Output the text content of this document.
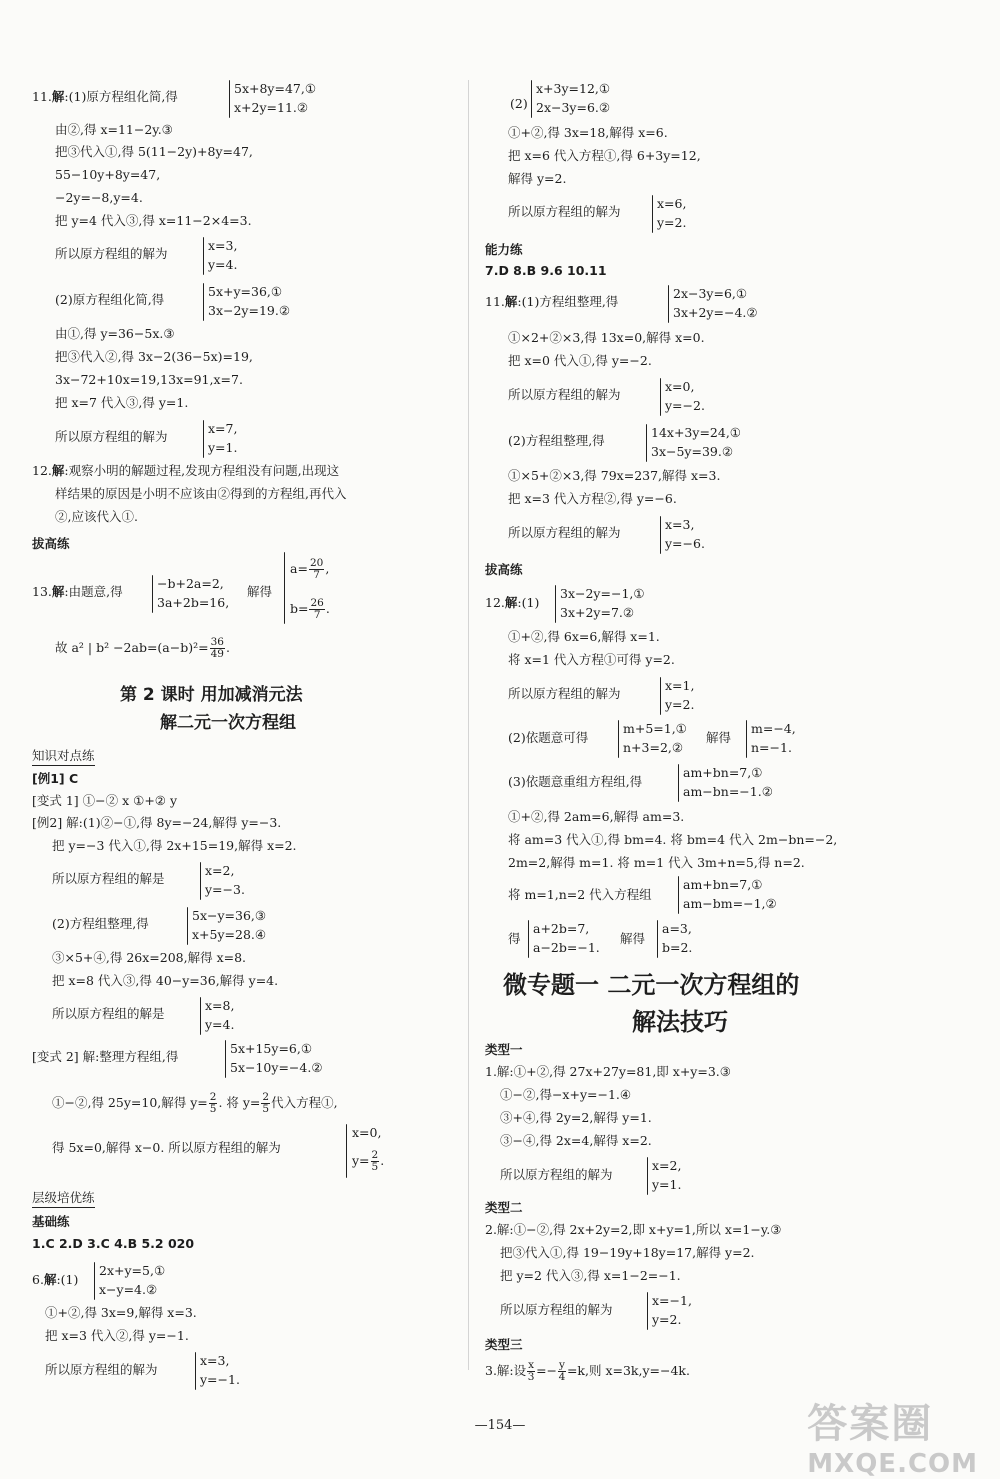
11.解:(1)原方程组化简,得
5x+8y=47,①
x+2y=11.②
由②,得 x=11−2y.③
把③代入①,得 5(11−2y)+8y=47,
55−10y+8y=47,
−2y=−8,y=4.
把 y=4 代入③,得 x=11−2×4=3.
所以原方程组的解为
x=3,
y=4.
(2)原方程组化简,得
5x+y=36,①
3x−2y=19.②
由①,得 y=36−5x.③
把③代入②,得 3x−2(36−5x)=19,
3x−72+10x=19,13x=91,x=7.
把 x=7 代入③,得 y=1.
所以原方程组的解为
x=7,
y=1.
12.解:观察小明的解题过程,发现方程组没有问题,出现这
样结果的原因是小明不应该由②得到的方程组,再代入
②,应该代入①.
拔高练
13.解:由题意,得
−b+2a=2,
3a+2b=16,
解得
$a= \frac{20}{7}$ ,
$b= \frac{26}{7}$ .
故 a² | $b^2 -2ab=(a-b)^2= \frac{36}{49}$ .
第 2 课时 用加减消元法
解二元一次方程组
知识对点练
[例1] C
[变式 1] ①−② x ①+② y
[例2] 解:(1)②−①,得 8y=−24,解得 y=−3.
把 y=−3 代入①,得 2x+15=19,解得 x=2.
所以原方程组的解是
x=2,
y=−3.
(2)方程组整理,得
5x−y=36,③
x+5y=28.④
③×5+④,得 26x=208,解得 x=8.
把 x=8 代入③,得 40−y=36,解得 y=4.
所以原方程组的解是
x=8,
y=4.
[变式 2] 解:整理方程组,得
5x+15y=6,①
5x−10y=−4.②
①−②,得 25y=10,解得 $y= \frac{2}{5}$ . 将 $y= \frac{2}{5}$ 代入方程①,
得 5x=0,解得 x−0. 所以原方程组的解为
x=0,
$y= \frac{2}{5}$ .
层级培优练
基础练
1.C 2.D 3.C 4.B 5.2 020
6.解:(1)
2x+y=5,①
x−y=4.②
①+②,得 3x=9,解得 x=3.
把 x=3 代入②,得 y=−1.
所以原方程组的解为
x=3,
y=−1.
(2)
x+3y=12,①
2x−3y=6.②
①+②,得 3x=18,解得 x=6.
把 x=6 代入方程①,得 6+3y=12,
解得 y=2.
所以原方程组的解为
x=6,
y=2.
能力练
7.D 8.B 9.6 10.11
11.解:(1)方程组整理,得
2x−3y=6,①
3x+2y=−4.②
①×2+②×3,得 13x=0,解得 x=0.
把 x=0 代入①,得 y=−2.
所以原方程组的解为
x=0,
y=−2.
(2)方程组整理,得
14x+3y=24,①
3x−5y=39.②
①×5+②×3,得 79x=237,解得 x=3.
把 x=3 代入方程②,得 y=−6.
所以原方程组的解为
x=3,
y=−6.
拔高练
12.解:(1)
3x−2y=−1,①
3x+2y=7.②
①+②,得 6x=6,解得 x=1.
将 x=1 代入方程①可得 y=2.
所以原方程组的解为
x=1,
y=2.
(2)依题意可得
m+5=1,①
n+3=2,②
解得
m=−4,
n=−1.
(3)依题意重组方程组,得
am+bn=7,①
am−bn=−1.②
①+②,得 2am=6,解得 am=3.
将 am=3 代入①,得 bm=4. 将 bm=4 代入 2m−bn=−2,
2m=2,解得 m=1. 将 m=1 代入 3m+n=5,得 n=2.
将 m=1,n=2 代入方程组
am+bn=7,①
am−bm=−1,②
得
a+2b=7,
a−2b=−1.
解得
a=3,
b=2.
微专题一 二元一次方程组的
解法技巧
类型一
1.解:①+②,得 27x+27y=81,即 x+y=3.③
①−②,得−x+y=−1.④
③+④,得 2y=2,解得 y=1.
③−④,得 2x=4,解得 x=2.
所以原方程组的解为
x=2,
y=1.
类型二
2.解:①−②,得 2x+2y=2,即 x+y=1,所以 x=1−y.③
把③代入①,得 19−19y+18y=17,解得 y=2.
把 y=2 代入③,得 x=1−2=−1.
所以原方程组的解为
x=−1,
y=2.
类型三
3.解:设 $\frac{x}{3} =- \frac{y}{4} =k$,则 x=3k,y=−4k.
—154—	答案圈
MXQE.COM
